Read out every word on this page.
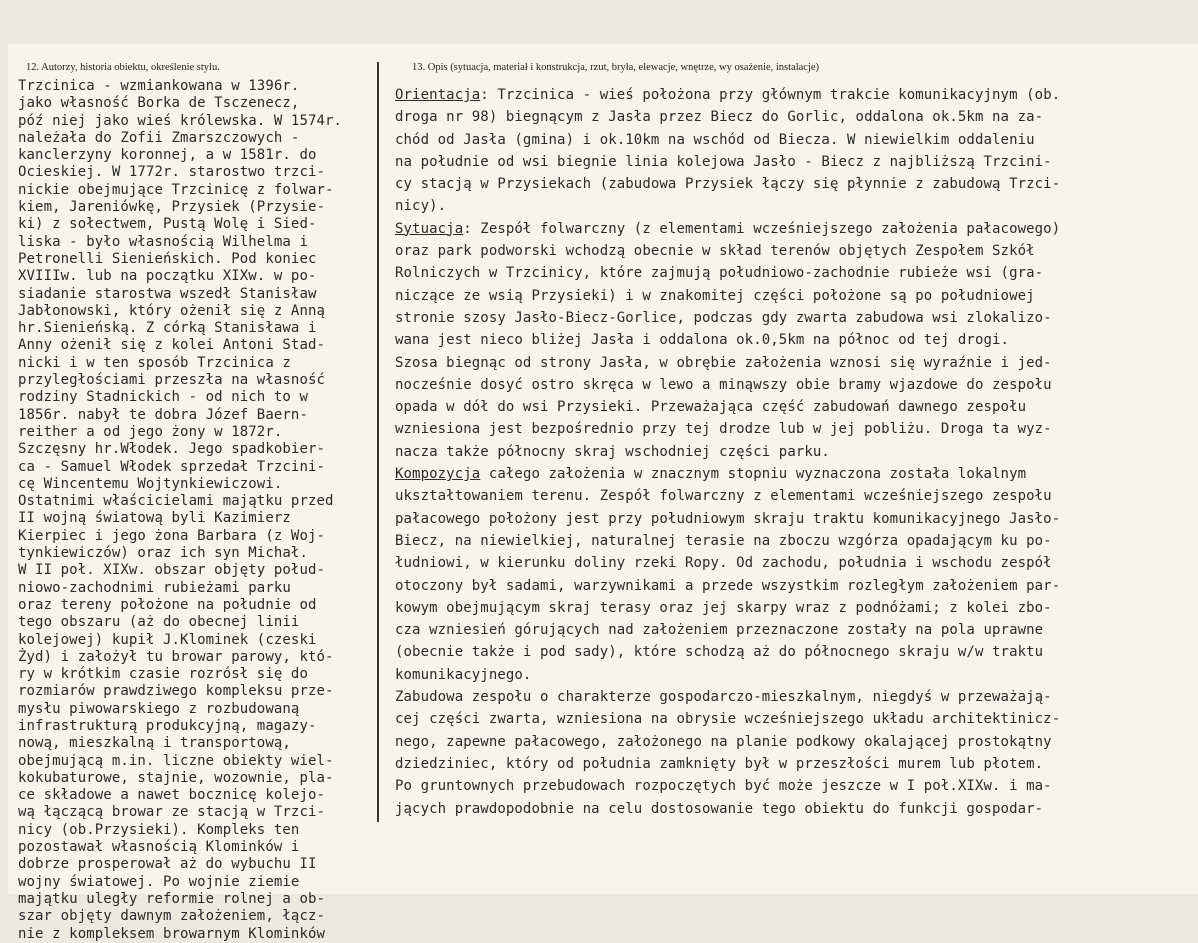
12. Autorzy, historia obiektu, określenie stylu.	13. Opis (sytuacja, materiał i konstrukcja, rzut, bryła, elewacje, wnętrze, wy osażenie, instalacje)
Trzcinica - wzmiankowana w 1396r.
jako własność Borka de Tsczenecz,
póź niej jako wieś królewska. W 1574r.
należała do Zofii Zmarszczowych -
kanclerzyny koronnej, a w 1581r. do
Ocieskiej. W 1772r. starostwo trzci-
nickie obejmujące Trzcinicę z folwar-
kiem, Jareniówkę, Przysiek (Przysie-
ki) z sołectwem, Pustą Wolę i Sied-
liska - było własnością Wilhelma i
Petronelli Sienieńskich. Pod koniec
XVIIIw. lub na początku XIXw. w po-
siadanie starostwa wszedł Stanisław
Jabłonowski, który ożenił się z Anną
hr.Sienieńską. Z córką Stanisława i
Anny ożenił się z kolei Antoni Stad-
nicki i w ten sposób Trzcinica z
przyległościami przeszła na własność
rodziny Stadnickich - od nich to w
1856r. nabył te dobra Józef Baern-
reither a od jego żony w 1872r.
Szczęsny hr.Włodek. Jego spadkobier-
ca - Samuel Włodek sprzedał Trzcini-
cę Wincentemu Wojtynkiewiczowi.
Ostatnimi właścicielami majątku przed
II wojną światową byli Kazimierz
Kierpiec i jego żona Barbara (z Woj-
tynkiewiczów) oraz ich syn Michał.
W II poł. XIXw. obszar objęty połud-
niowo-zachodnimi rubieżami parku
oraz tereny położone na południe od
tego obszaru (aż do obecnej linii
kolejowej) kupił J.Klominek (czeski
Żyd) i założył tu browar parowy, któ-
ry w krótkim czasie rozrósł się do
rozmiarów prawdziwego kompleksu prze-
mysłu piwowarskiego z rozbudowaną
infrastrukturą produkcyjną, magazy-
nową, mieszkalną i transportową,
obejmującą m.in. liczne obiekty wiel-
kokubaturowe, stajnie, wozownie, pla-
ce składowe a nawet bocznicę kolejo-
wą łączącą browar ze stacją w Trzci-
nicy (ob.Przysieki). Kompleks ten
pozostawał własnością Klominków i
dobrze prosperował aż do wybuchu II
wojny światowej. Po wojnie ziemie
majątku uległy reformie rolnej a ob-
szar objęty dawnym założeniem, łącz-
nie z kompleksem browarnym Klominków
Orientacja: Trzcinica - wieś położona przy głównym trakcie komunikacyjnym (ob.
droga nr 98) biegnącym z Jasła przez Biecz do Gorlic, oddalona ok.5km na za-
chód od Jasła (gmina) i ok.10km na wschód od Biecza. W niewielkim oddaleniu
na południe od wsi biegnie linia kolejowa Jasło - Biecz z najbliższą Trzcini-
cy stacją w Przysiekach (zabudowa Przysiek łączy się płynnie z zabudową Trzci-
nicy).
Sytuacja: Zespół folwarczny (z elementami wcześniejszego założenia pałacowego)
oraz park podworski wchodzą obecnie w skład terenów objętych Zespołem Szkół
Rolniczych w Trzcinicy, które zajmują południowo-zachodnie rubieże wsi (gra-
niczące ze wsią Przysieki) i w znakomitej części położone są po południowej
stronie szosy Jasło-Biecz-Gorlice, podczas gdy zwarta zabudowa wsi zlokalizo-
wana jest nieco bliżej Jasła i oddalona ok.0,5km na północ od tej drogi.
Szosa biegnąc od strony Jasła, w obrębie założenia wznosi się wyraźnie i jed-
nocześnie dosyć ostro skręca w lewo a minąwszy obie bramy wjazdowe do zespołu
opada w dół do wsi Przysieki. Przeważająca część zabudowań dawnego zespołu
wzniesiona jest bezpośrednio przy tej drodze lub w jej pobliżu. Droga ta wyz-
nacza także północny skraj wschodniej części parku.
Kompozycja całego założenia w znacznym stopniu wyznaczona została lokalnym
ukształtowaniem terenu. Zespół folwarczny z elementami wcześniejszego zespołu
pałacowego położony jest przy południowym skraju traktu komunikacyjnego Jasło-
Biecz, na niewielkiej, naturalnej terasie na zboczu wzgórza opadającym ku po-
łudniowi, w kierunku doliny rzeki Ropy. Od zachodu, południa i wschodu zespół
otoczony był sadami, warzywnikami a przede wszystkim rozległym założeniem par-
kowym obejmującym skraj terasy oraz jej skarpy wraz z podnóżami; z kolei zbo-
cza wzniesień górujących nad założeniem przeznaczone zostały na pola uprawne
(obecnie także i pod sady), które schodzą aż do północnego skraju w/w traktu
komunikacyjnego.
Zabudowa zespołu o charakterze gospodarczo-mieszkalnym, niegdyś w przeważają-
cej części zwarta, wzniesiona na obrysie wcześniejszego układu architektinicz-
nego, zapewne pałacowego, założonego na planie podkowy okalającej prostokątny
dziedziniec, który od południa zamknięty był w przeszłości murem lub płotem.
Po gruntownych przebudowach rozpoczętych być może jeszcze w I poł.XIXw. i ma-
jących prawdopodobnie na celu dostosowanie tego obiektu do funkcji gospodar-
